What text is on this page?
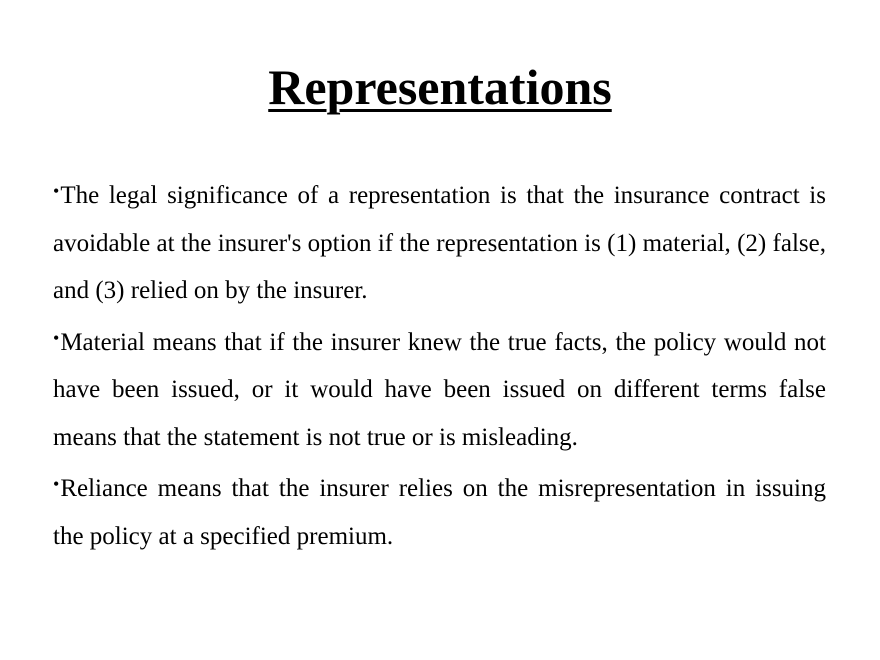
Representations
•The legal significance of a representation is that the insurance contract is avoidable at the insurer's option if the representation is (1) material, (2) false, and (3) relied on by the insurer.
•Material means that if the insurer knew the true facts, the policy would not have been issued, or it would have been issued on different terms false means that the statement is not true or is misleading.
•Reliance means that the insurer relies on the misrepresentation in issuing the policy at a specified premium.
